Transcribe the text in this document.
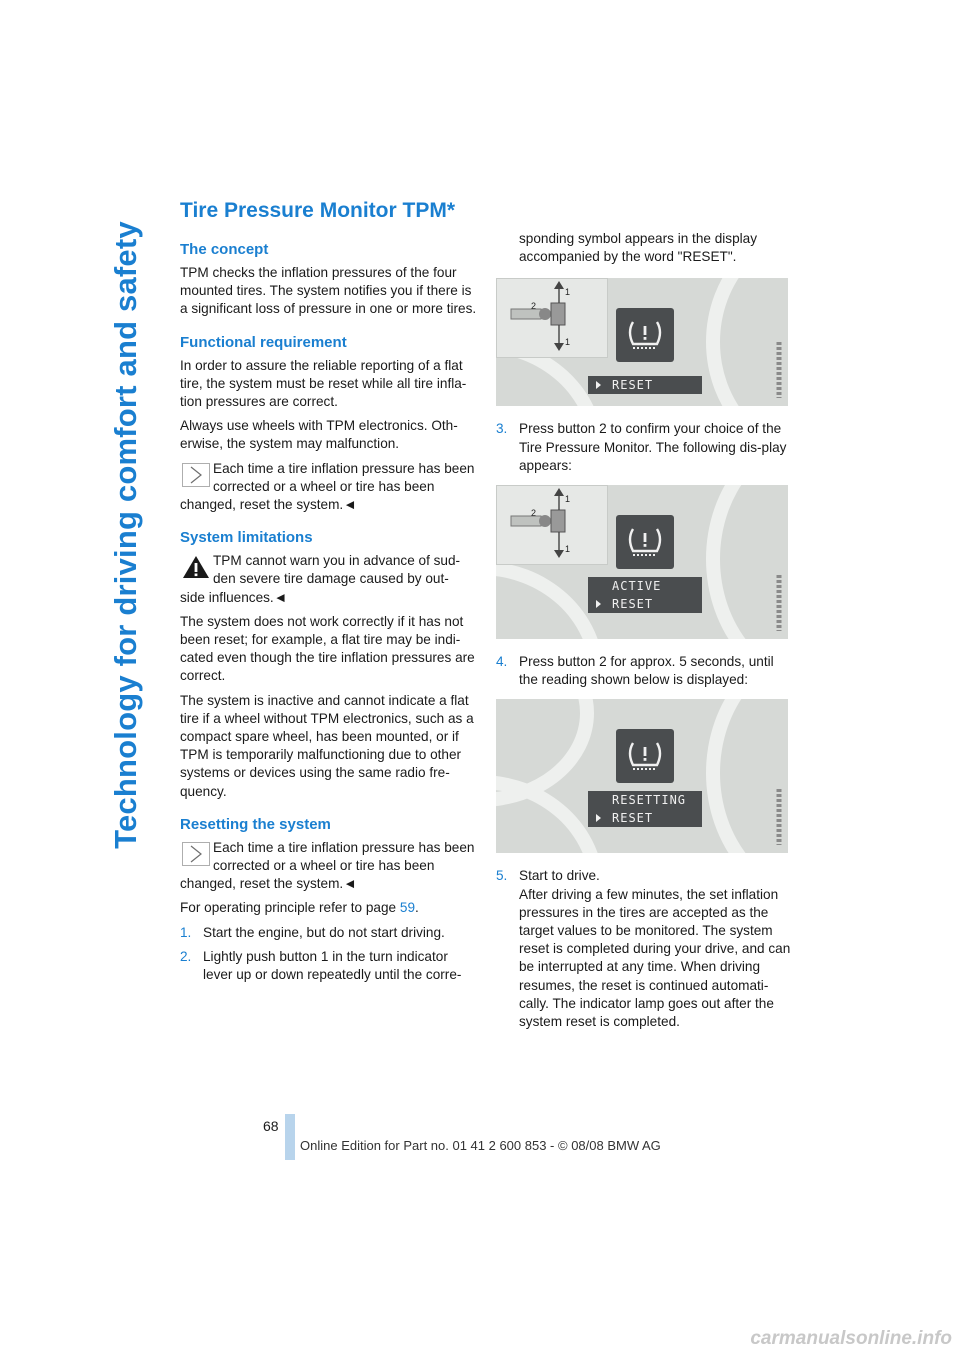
Technology for driving comfort and safety
Tire Pressure Monitor TPM*
The concept

TPM checks the inflation pressures of the four mounted tires. The system notifies you if there is a significant loss of pressure in one or more tires.

Functional requirement

In order to assure the reliable reporting of a flat tire, the system must be reset while all tire infla-tion pressures are correct.

Always use wheels with TPM electronics. Oth-erwise, the system may malfunction.

Each time a tire inflation pressure has been corrected or a wheel or tire has been
changed, reset the system.◄
System limitations
TPM cannot warn you in advance of sud-den severe tire damage caused by out-
side influences.◄

The system does not work correctly if it has not been reset; for example, a flat tire may be indi-cated even though the tire inflation pressures are correct.

The system is inactive and cannot indicate a flat tire if a wheel without TPM electronics, such as a compact spare wheel, has been mounted, or if TPM is temporarily malfunctioning due to other systems or devices using the same radio fre-quency.

Resetting the system
Each time a tire inflation pressure has been corrected or a wheel or tire has been
changed, reset the system.◄

For operating principle refer to page 59.

1. Start the engine, but do not start driving.
2. Lightly push button 1 in the turn indicator lever up or down repeatedly until the corre-
sponding symbol appears in the display accompanied by the word "RESET".
1
1
2
RESET
3. Press button 2 to confirm your choice of the Tire Pressure Monitor. The following dis-play appears:
1
1
2
ACTIVE
RESET
4. Press button 2 for approx. 5 seconds, until the reading shown below is displayed:
RESETTING
RESET
5. Start to drive.
After driving a few minutes, the set inflation pressures in the tires are accepted as the target values to be monitored. The system reset is completed during your drive, and can be interrupted at any time. When driving resumes, the reset is continued automati-cally. The indicator lamp goes out after the system reset is completed.
68
Online Edition for Part no. 01 41 2 600 853 - © 08/08 BMW AG
carmanualsonline.info
